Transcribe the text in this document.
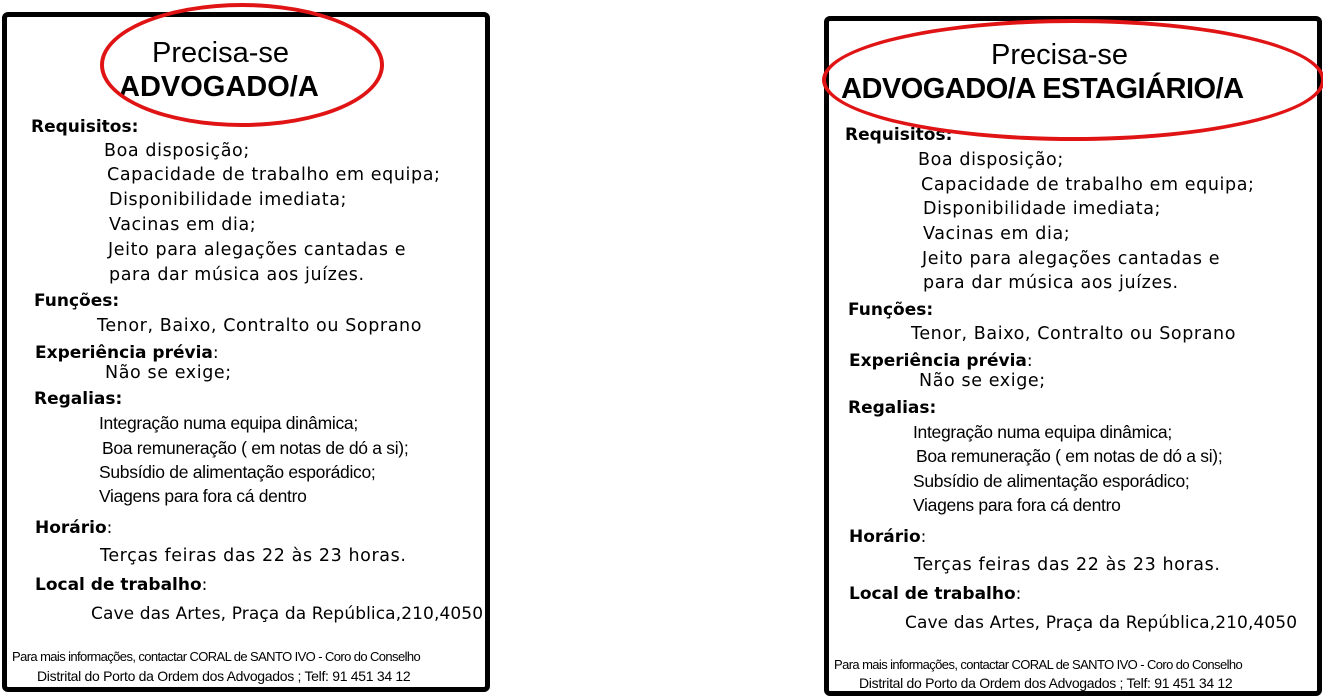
Precisa-se
ADVOGADO/A
Requisitos:
Boa disposição;
Capacidade de trabalho em equipa;
Disponibilidade imediata;
Vacinas em dia;
Jeito para alegações cantadas e
para dar música aos juízes.
Funções:
Tenor, Baixo, Contralto ou Soprano
Experiência prévia:
Não se exige;
Regalias:
Integração numa equipa dinâmica;
Boa remuneração ( em notas de dó a si);
Subsídio de alimentação esporádico;
Viagens para fora cá dentro
Horário:
Terças feiras das 22 às 23 horas.
Local de trabalho:
Cave das Artes, Praça da República,210,4050
Para mais informações, contactar CORAL de SANTO IVO - Coro do Conselho
Distrital do Porto da Ordem dos Advogados ; Telf: 91 451 34 12
Precisa-se
ADVOGADO/A ESTAGIÁRIO/A
Requisitos:
Boa disposição;
Capacidade de trabalho em equipa;
Disponibilidade imediata;
Vacinas em dia;
Jeito para alegações cantadas e
para dar música aos juízes.
Funções:
Tenor, Baixo, Contralto ou Soprano
Experiência prévia:
Não se exige;
Regalias:
Integração numa equipa dinâmica;
Boa remuneração ( em notas de dó a si);
Subsídio de alimentação esporádico;
Viagens para fora cá dentro
Horário:
Terças feiras das 22 às 23 horas.
Local de trabalho:
Cave das Artes, Praça da República,210,4050
Para mais informações, contactar CORAL de SANTO IVO - Coro do Conselho
Distrital do Porto da Ordem dos Advogados ; Telf: 91 451 34 12
